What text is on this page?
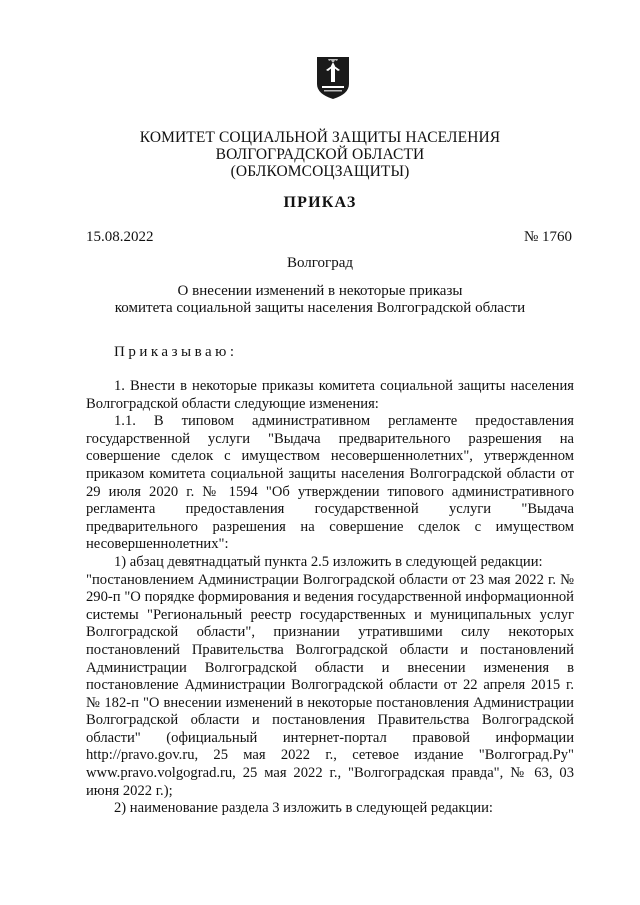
КОМИТЕТ СОЦИАЛЬНОЙ ЗАЩИТЫ НАСЕЛЕНИЯ
ВОЛГОГРАДСКОЙ ОБЛАСТИ
(ОБЛКОМСОЦЗАЩИТЫ)
ПРИКАЗ
15.08.2022	№ 1760
Волгоград
О внесении изменений в некоторые приказы
комитета социальной защиты населения Волгоградской области
Приказываю:

1. Внести в некоторые приказы комитета социальной защиты населения Волгоградской области следующие изменения:

1.1. В типовом административном регламенте предоставления государственной услуги "Выдача предварительного разрешения на совершение сделок с имуществом несовершеннолетних", утвержденном приказом комитета социальной защиты населения Волгоградской области от 29 июля 2020 г. № 1594 "Об утверждении типового административного регламента предоставления государственной услуги "Выдача предварительного разрешения на совершение сделок с имуществом несовершеннолетних":

1) абзац девятнадцатый пункта 2.5 изложить в следующей редакции:

"постановлением Администрации Волгоградской области от 23 мая 2022 г. № 290-п "О порядке формирования и ведения государственной информационной системы "Региональный реестр государственных и муниципальных услуг Волгоградской области", признании утратившими силу некоторых постановлений Правительства Волгоградской области и постановлений Администрации Волгоградской области и внесении изменения в постановление Администрации Волгоградской области от 22 апреля 2015 г. № 182-п "О внесении изменений в некоторые постановления Администрации Волгоградской области и постановления Правительства Волгоградской области" (официальный интернет-портал правовой информации http://pravo.gov.ru, 25 мая 2022 г., сетевое издание "Волгоград.Ру" www.pravo.volgograd.ru, 25 мая 2022 г., "Волгоградская правда", № 63, 03 июня 2022 г.);

2) наименование раздела 3 изложить в следующей редакции:
